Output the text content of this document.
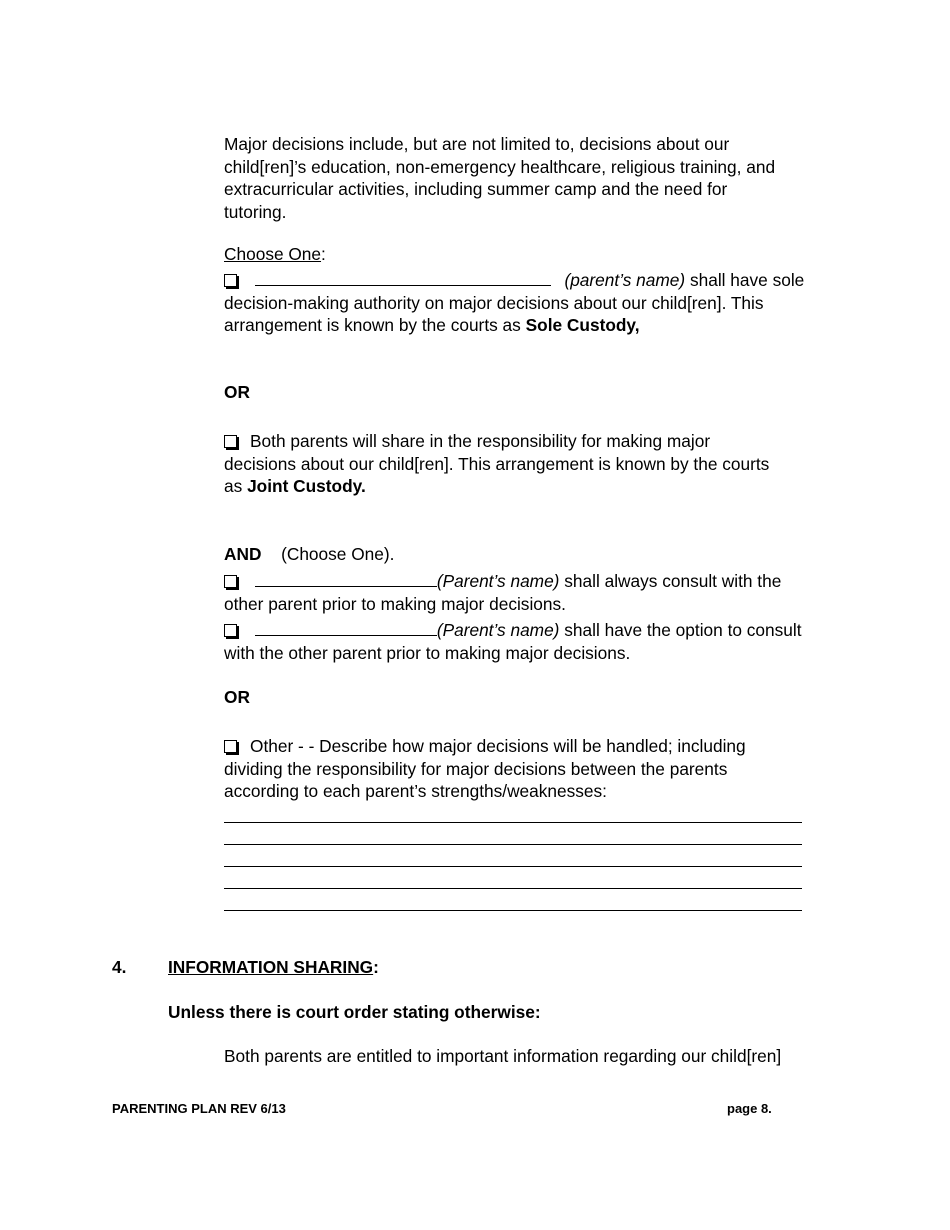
Major decisions include, but are not limited to, decisions about our
child[ren]’s education, non-emergency healthcare, religious training, and
extracurricular activities, including summer camp and the need for
tutoring.
Choose One:
(parent’s name) shall have sole
decision-making authority on major decisions about our child[ren]. This
arrangement is known by the courts as Sole Custody,
OR
Both parents will share in the responsibility for making major
decisions about our child[ren]. This arrangement is known by the courts
as Joint Custody.
AND (Choose One).
(Parent’s name) shall always consult with the
other parent prior to making major decisions.
(Parent’s name) shall have the option to consult
with the other parent prior to making major decisions.
OR
Other - - Describe how major decisions will be handled; including
dividing the responsibility for major decisions between the parents
according to each parent’s strengths/weaknesses:
4. INFORMATION SHARING:
Unless there is court order stating otherwise:
Both parents are entitled to important information regarding our child[ren]
PARENTING PLAN REV 6/13	page 8.
